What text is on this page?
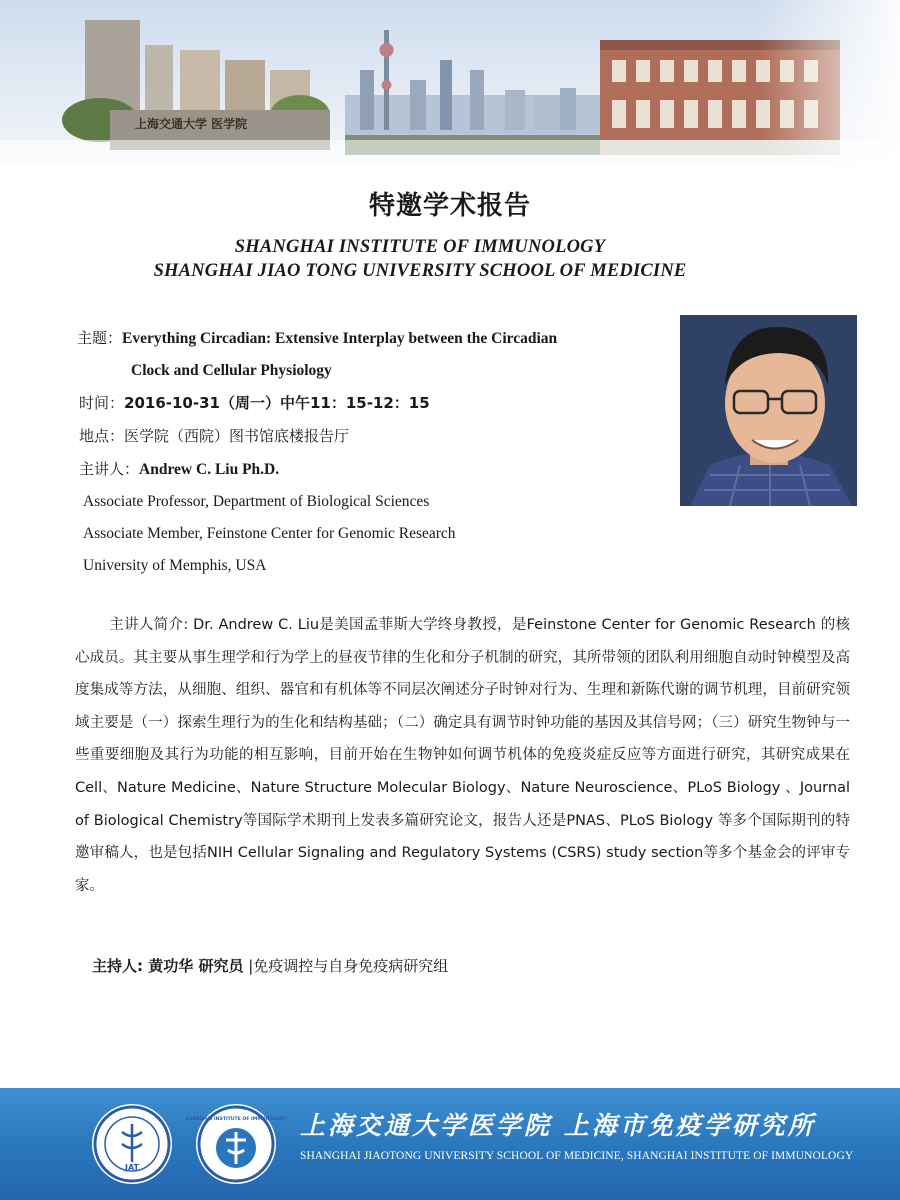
上海交通大学 医学院
特邀学术报告
SHANGHAI INSTITUTE OF IMMUNOLOGY
SHANGHAI JIAO TONG UNIVERSITY SCHOOL OF MEDICINE
主题：Everything Circadian: Extensive Interplay between the Circadian
Clock and Cellular Physiology
时间：2016-10-31（周一）中午11：15-12：15
地点：医学院（西院）图书馆底楼报告厅
主讲人：Andrew C. Liu Ph.D.
Associate Professor, Department of Biological Sciences
Associate Member, Feinstone Center for Genomic Research
University of Memphis, USA
主讲人简介: Dr. Andrew C. Liu是美国孟菲斯大学终身教授，是Feinstone Center for Genomic Research 的核心成员。其主要从事生理学和行为学上的昼夜节律的生化和分子机制的研究，其所带领的团队利用细胞自动时钟模型及高度集成等方法，从细胞、组织、器官和有机体等不同层次阐述分子时钟对行为、生理和新陈代谢的调节机理，目前研究领域主要是（一）探索生理行为的生化和结构基础；（二）确定具有调节时钟功能的基因及其信号网；（三）研究生物钟与一些重要细胞及其行为功能的相互影响，目前开始在生物钟如何调节机体的免疫炎症反应等方面进行研究，其研究成果在Cell、Nature Medicine、Nature Structure Molecular Biology、Nature Neuroscience、PLoS Biology 、Journal of Biological Chemistry等国际学术期刊上发表多篇研究论文，报告人还是PNAS、PLoS Biology 等多个国际期刊的特邀审稿人，也是包括NIH Cellular Signaling and Regulatory Systems (CSRS) study section等多个基金会的评审专家。
主持人: 黄功华 研究员 |免疫调控与自身免疫病研究组
JAT
SHANGHAI INSTITUTE OF IMMUNOLOGY 上海交通大学医学院 上海市免疫学研究所
SHANGHAI JIAOTONG UNIVERSITY SCHOOL OF MEDICINE, SHANGHAI INSTITUTE OF IMMUNOLOGY
